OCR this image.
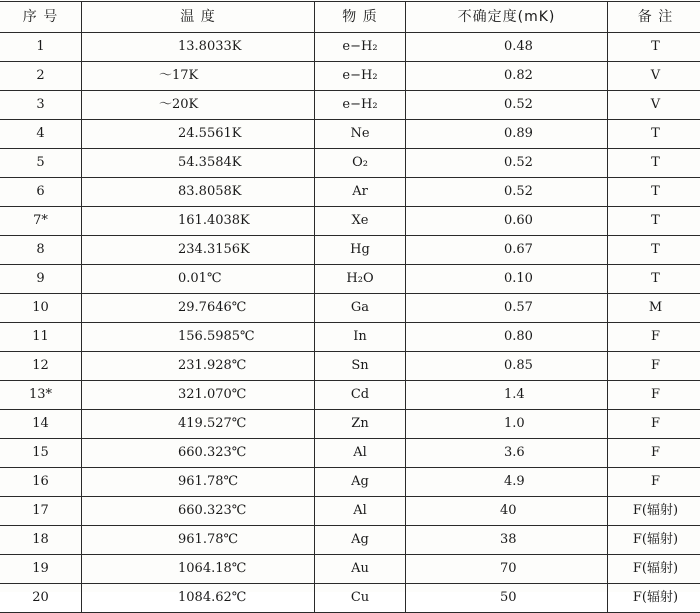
序 号	温 度	物 质	不确定度(mK)	备 注
1	13.8033K	e−H₂	0.48	T
2	～17K	e−H₂	0.82	V
3	～20K	e−H₂	0.52	V
4	24.5561K	Ne	0.89	T
5	54.3584K	O₂	0.52	T
6	83.8058K	Ar	0.52	T
7*	161.4038K	Xe	0.60	T
8	234.3156K	Hg	0.67	T
9	0.01℃	H₂O	0.10	T
10	29.7646℃	Ga	0.57	M
11	156.5985℃	In	0.80	F
12	231.928℃	Sn	0.85	F
13*	321.070℃	Cd	1.4	F
14	419.527℃	Zn	1.0	F
15	660.323℃	Al	3.6	F
16	961.78℃	Ag	4.9	F
17	660.323℃	Al	40	F(辐射)
18	961.78℃	Ag	38	F(辐射)
19	1064.18℃	Au	70	F(辐射)
20	1084.62℃	Cu	50	F(辐射)
